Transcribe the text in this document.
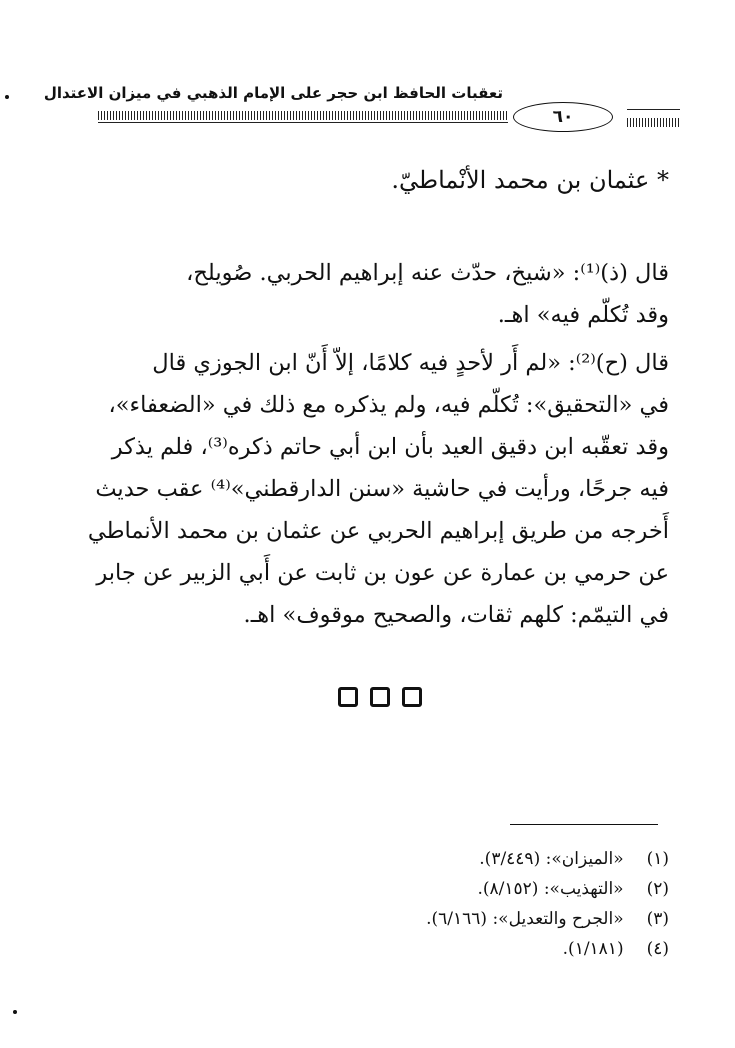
تعقبات الحافظ ابن حجر على الإمام الذهبي في ميزان الاعتدال
٦٠
* عثمان بن محمد الأنْماطيّ.
قال (ذ)⁽¹⁾: «شيخ، حدّث عنه إبراهيم الحربي. صُويلح،
وقد تُكلّم فيه» اهـ.
قال (ح)⁽²⁾: «لم أَر لأحدٍ فيه كلامًا، إلاّ أَنّ ابن الجوزي قال
في «التحقيق»: تُكلّم فيه، ولم يذكره مع ذلك في «الضعفاء»،
وقد تعقّبه ابن دقيق العيد بأن ابن أبي حاتم ذكره⁽³⁾، فلم يذكر
فيه جرحًا، ورأيت في حاشية «سنن الدارقطني»⁽⁴⁾ عقب حديث
أَخرجه من طريق إبراهيم الحربي عن عثمان بن محمد الأنماطي
عن حرمي بن عمارة عن عون بن ثابت عن أَبي الزبير عن جابر
في التيمّم: كلهم ثقات، والصحيح موقوف» اهـ.
(١) «الميزان»: (٣/٤٤٩).
(٢) «التهذيب»: (٨/١٥٢).
(٣) «الجرح والتعديل»: (٦/١٦٦).
(٤) (١/١٨١).
